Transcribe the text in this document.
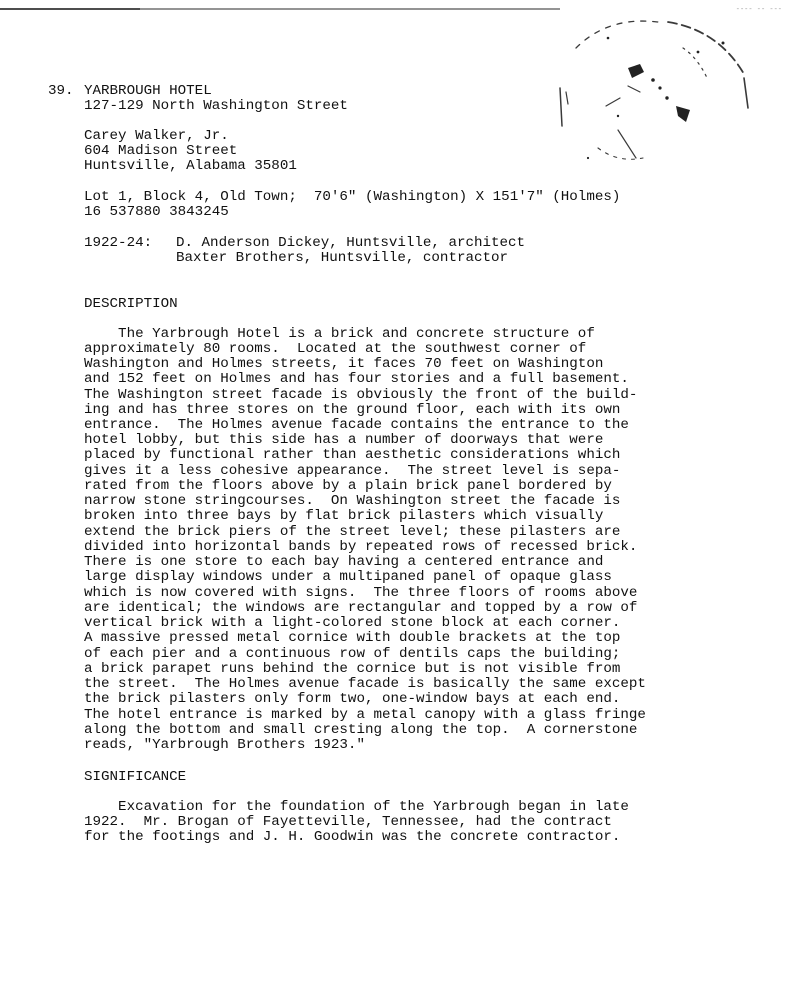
---- -- ---
39. YARBROUGH HOTEL
127-129 North Washington Street
Carey Walker, Jr.
604 Madison Street
Huntsville, Alabama 35801
Lot 1, Block 4, Old Town;  70'6" (Washington) X 151'7" (Holmes)
16 537880 3843245
1922-24: D. Anderson Dickey, Huntsville, architect
Baxter Brothers, Huntsville, contractor
DESCRIPTION
The Yarbrough Hotel is a brick and concrete structure of
approximately 80 rooms.  Located at the southwest corner of
Washington and Holmes streets, it faces 70 feet on Washington
and 152 feet on Holmes and has four stories and a full basement.
The Washington street facade is obviously the front of the build-
ing and has three stores on the ground floor, each with its own
entrance.  The Holmes avenue facade contains the entrance to the
hotel lobby, but this side has a number of doorways that were
placed by functional rather than aesthetic considerations which
gives it a less cohesive appearance.  The street level is sepa-
rated from the floors above by a plain brick panel bordered by
narrow stone stringcourses.  On Washington street the facade is
broken into three bays by flat brick pilasters which visually
extend the brick piers of the street level; these pilasters are
divided into horizontal bands by repeated rows of recessed brick.
There is one store to each bay having a centered entrance and
large display windows under a multipaned panel of opaque glass
which is now covered with signs.  The three floors of rooms above
are identical; the windows are rectangular and topped by a row of
vertical brick with a light-colored stone block at each corner.
A massive pressed metal cornice with double brackets at the top
of each pier and a continuous row of dentils caps the building;
a brick parapet runs behind the cornice but is not visible from
the street.  The Holmes avenue facade is basically the same except
the brick pilasters only form two, one-window bays at each end.
The hotel entrance is marked by a metal canopy with a glass fringe
along the bottom and small cresting along the top.  A cornerstone
reads, "Yarbrough Brothers 1923."
SIGNIFICANCE
Excavation for the foundation of the Yarbrough began in late
1922.  Mr. Brogan of Fayetteville, Tennessee, had the contract
for the footings and J. H. Goodwin was the concrete contractor.
